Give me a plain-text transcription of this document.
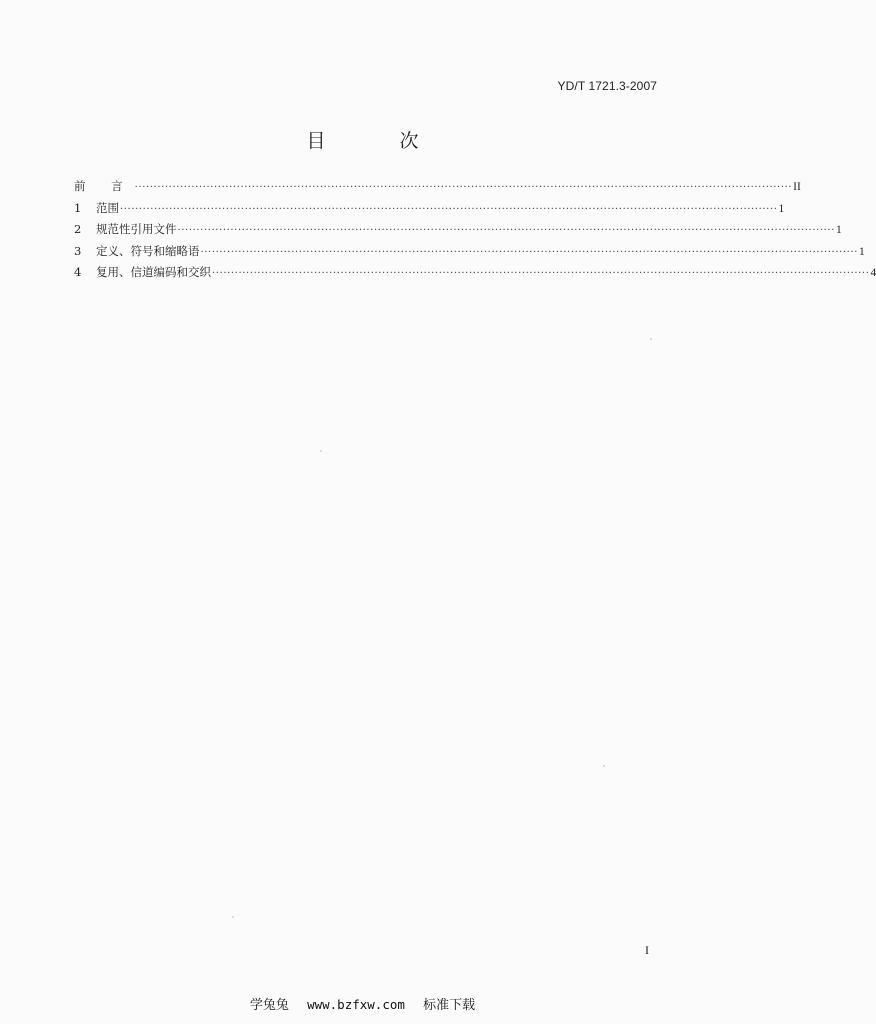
YD/T 1721.3-2007
目 次
前 言 ·············································································································································································· II
1	范围 ·············································································································································································· 1
2	规范性引用文件 ·············································································································································································· 1
3	定义、符号和缩略语 ·············································································································································································· 1
4	复用、信道编码和交织 ·············································································································································································· 4
I
学兔兔 www.bzfxw.com 标准下载
